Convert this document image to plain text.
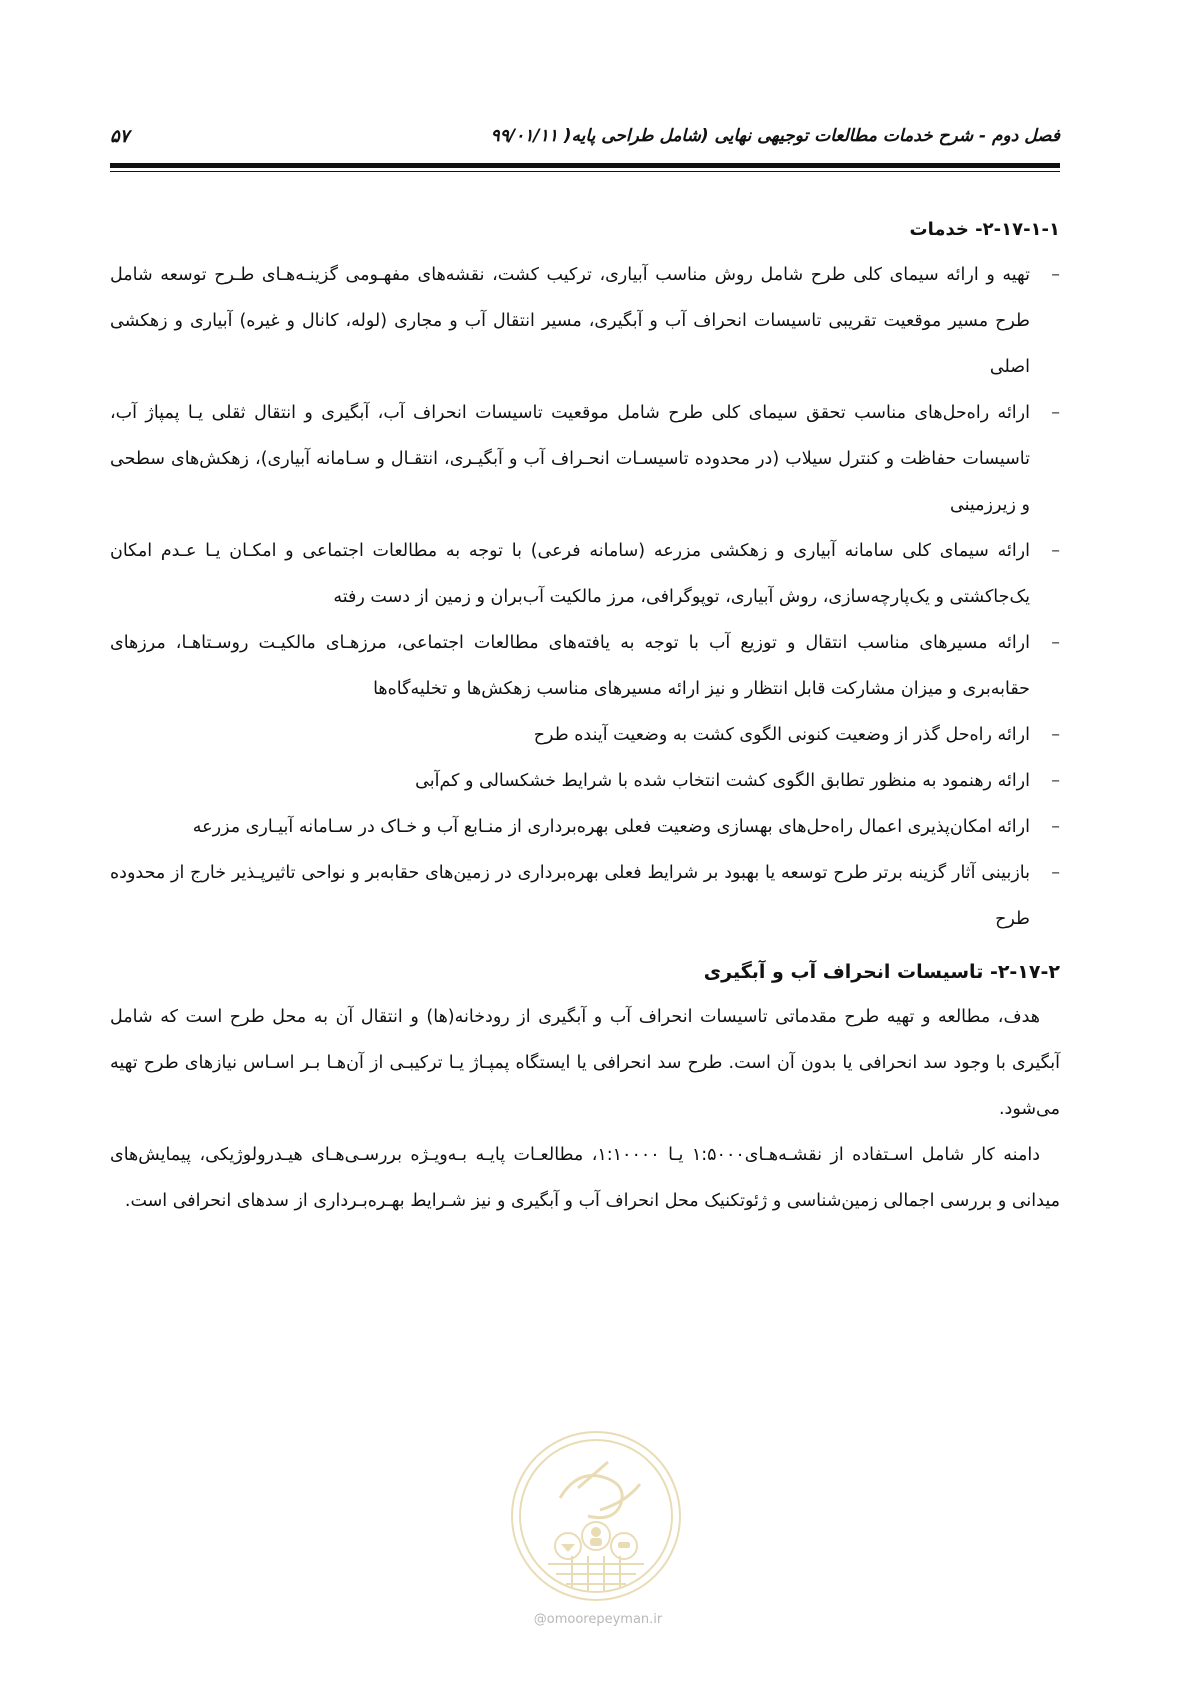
فصل دوم - شرح خدمات مطالعات توجیهی نهایی (شامل طراحی پایه( ۹۹/۰۱/۱۱
۵۷
۲-۱۷-۱-۱- خدمات
–
تهیه و ارائه سیمای کلی طرح شامل روش مناسب آبیاری، ترکیب کشت، نقشه‌های مفهـومی گزینـه‌هـای طـرح توسعه شامل طرح مسیر موقعیت تقریبی تاسیسات انحراف آب و آبگیری، مسیر انتقال آب و مجاری (لوله، کانال و غیره) آبیاری و زهکشی اصلی
–
ارائه راه‌حل‌های مناسب تحقق سیمای کلی طرح شامل موقعیت تاسیسات انحراف آب، آبگیری و انتقال ثقلی یـا پمپاژ آب، تاسیسات حفاظت و کنترل سیلاب (در محدوده تاسیسـات انحـراف آب و آبگیـری، انتقـال و سـامانه آبیاری)، زهکش‌های سطحی و زیرزمینی
–
ارائه سیمای کلی سامانه آبیاری و زهکشی مزرعه (سامانه فرعی) با توجه به مطالعات اجتماعی و امکـان یـا عـدم امکان یک‌جاکشتی و یک‌پارچه‌سازی، روش آبیاری، توپوگرافی، مرز مالکیت آب‌بران و زمین از دست رفته
–
ارائه مسیرهای مناسب انتقال و توزیع آب با توجه به یافته‌های مطالعات اجتماعی، مرزهـای مالکیـت روسـتاهـا، مرزهای حقابه‌بری و میزان مشارکت قابل انتظار و نیز ارائه مسیرهای مناسب زهکش‌ها و تخلیه‌گاه‌ها
–
ارائه راه‌حل گذر از وضعیت کنونی الگوی کشت به وضعیت آینده طرح
–
ارائه رهنمود به منظور تطابق الگوی کشت انتخاب شده با شرایط خشکسالی و کم‌آبی
–
ارائه امکان‌پذیری اعمال راه‌حل‌های بهسازی وضعیت فعلی بهره‌برداری از منـابع آب و خـاک در سـامانه آبیـاری مزرعه
–
بازبینی آثار گزینه برتر طرح توسعه یا بهبود بر شرایط فعلی بهره‌برداری در زمین‌های حقابه‌بر و نواحی تاثیرپـذیر خارج از محدوده طرح
۲-۱۷-۲- تاسیسات انحراف آب و آبگیری

هدف، مطالعه و تهیه طرح مقدماتی تاسیسات انحراف آب و آبگیری از رودخانه(ها) و انتقال آن به محل طرح است که شامل آبگیری با وجود سد انحرافی یا بدون آن است. طرح سد انحرافی یا ایستگاه پمپـاژ یـا ترکیبـی از آن‌هـا بـر اسـاس نیازهای طرح تهیه می‌شود.

دامنه کار شامل اسـتفاده از نقشـه‌هـای۱:۵۰۰۰ یـا ۱:۱۰۰۰۰، مطالعـات پایـه بـه‌ویـژه بررسـی‌هـای هیـدرولوژیکی، پیمایش‌های میدانی و بررسی اجمالی زمین‌شناسی و ژئوتکنیک محل انحراف آب و آبگیری و نیز شـرایط بهـره‌بـرداری از سدهای انحرافی است.

@omoorepeyman.ir
